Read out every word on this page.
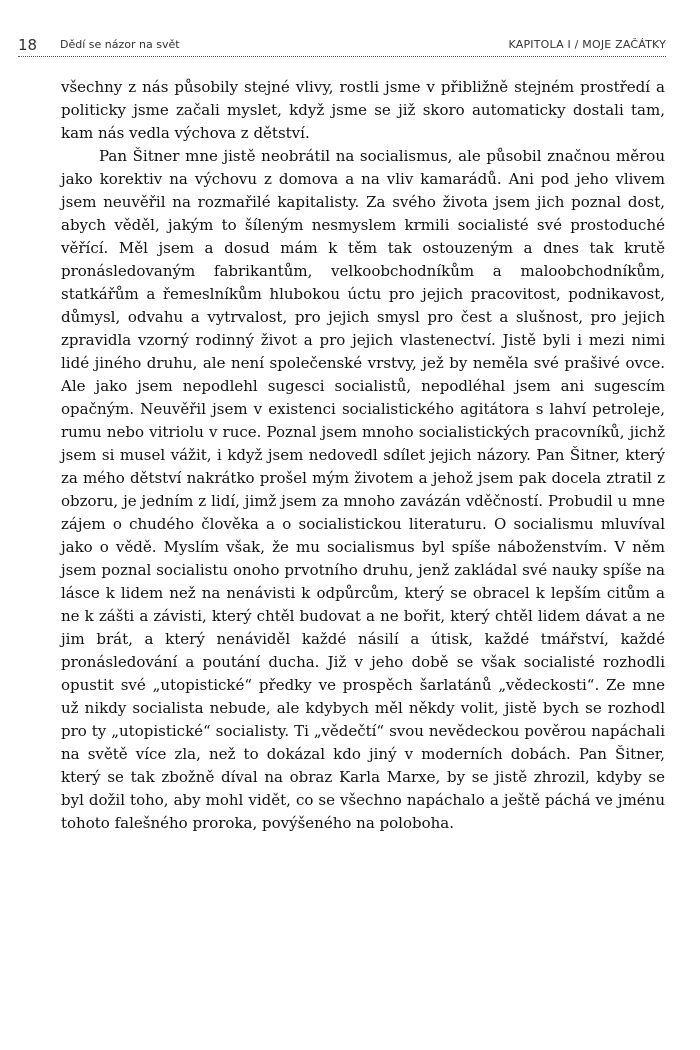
18 Dědí se názor na svět	KAPITOLA I / MOJE ZAČÁTKY

všechny z nás působily stejné vlivy, rostli jsme v přibližně stejném prostředí a politicky jsme začali myslet, když jsme se již skoro automaticky dostali tam, kam nás vedla výchova z dětství.

Pan Šitner mne jistě neobrátil na socialismus, ale působil značnou měrou jako korektiv na výchovu z domova a na vliv kamarádů. Ani pod jeho vlivem jsem neuvěřil na rozmařilé kapitalisty. Za svého života jsem jich poznal dost, abych věděl, jakým to šíleným nesmyslem krmili socialisté své prostoduché věřící. Měl jsem a dosud mám k těm tak ostouzeným a dnes tak krutě pronásledovaným fabrikantům, velkoobchodníkům a maloobchodníkům, statkářům a řemeslníkům hlubokou úctu pro jejich pracovitost, podnikavost, důmysl, odvahu a vytrvalost, pro jejich smysl pro čest a slušnost, pro jejich zpravidla vzorný rodinný život a pro jejich vlastenectví. Jistě byli i mezi nimi lidé jiného druhu, ale není společenské vrstvy, jež by neměla své prašivé ovce. Ale jako jsem nepodlehl sugesci socialistů, nepodléhal jsem ani sugescím opačným. Neuvěřil jsem v existenci socialistického agitátora s lahví petroleje, rumu nebo vitriolu v ruce. Poznal jsem mnoho socialistických pracovníků, jichž jsem si musel vážit, i když jsem nedovedl sdílet jejich názory. Pan Šitner, který za mého dětství nakrátko prošel mým životem a jehož jsem pak docela ztratil z obzoru, je jedním z lidí, jimž jsem za mnoho zavázán vděčností. Probudil u mne zájem o chudého člověka a o socialistickou literaturu. O socialismu mluvíval jako o vědě. Myslím však, že mu socialismus byl spíše náboženstvím. V něm jsem poznal socialistu onoho prvotního druhu, jenž zakládal své nauky spíše na lásce k lidem než na nenávisti k odpůrcům, který se obracel k lepším citům a ne k zášti a závisti, který chtěl budovat a ne bořit, který chtěl lidem dávat a ne jim brát, a který nenáviděl každé násilí a útisk, každé tmářství, každé pronásledování a poutání ducha. Již v jeho době se však socialisté rozhodli opustit své „utopistické“ předky ve prospěch šarlatánů „vědeckosti“. Ze mne už nikdy socialista nebude, ale kdybych měl někdy volit, jistě bych se rozhodl pro ty „utopistické“ socialisty. Ti „vědečtí“ svou nevědeckou pověrou napáchali na světě více zla, než to dokázal kdo jiný v moderních dobách. Pan Šitner, který se tak zbožně díval na obraz Karla Marxe, by se jistě zhrozil, kdyby se byl dožil toho, aby mohl vidět, co se všechno napáchalo a ještě páchá ve jménu tohoto falešného proroka, povýšeného na poloboha.
